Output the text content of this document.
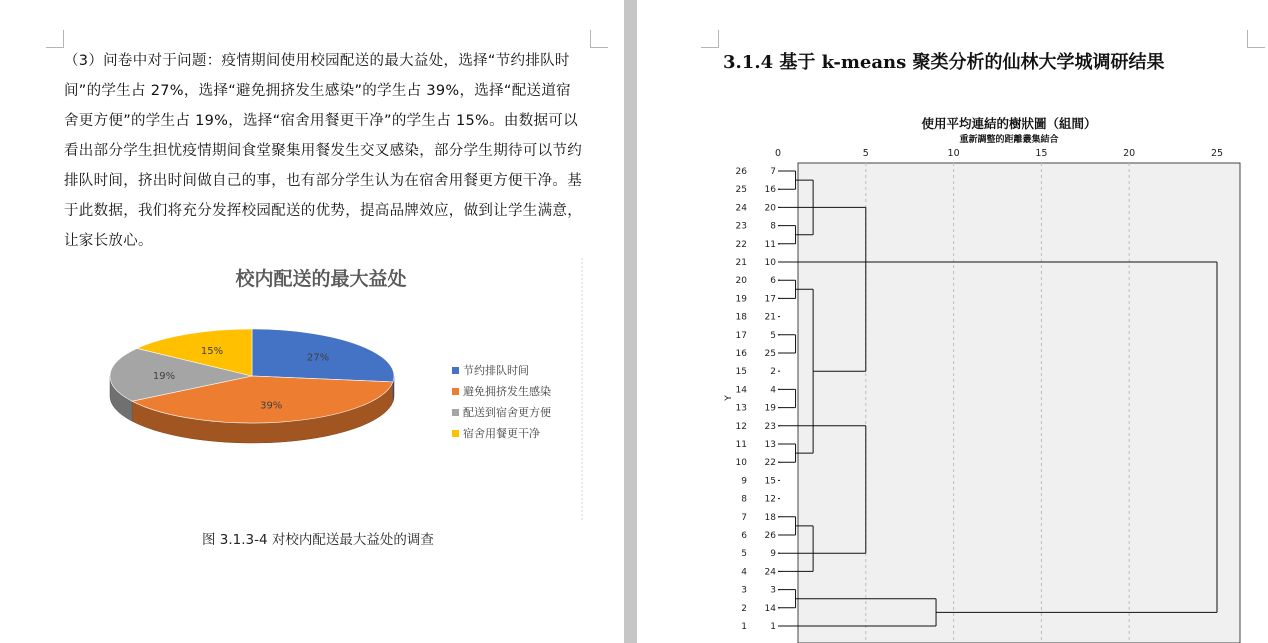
（3）问卷中对于问题：疫情期间使用校园配送的最大益处，选择“节约排队时
间”的学生占 27%，选择“避免拥挤发生感染”的学生占 39%，选择“配送道宿
舍更方便”的学生占 19%，选择“宿舍用餐更干净”的学生占 15%。由数据可以
看出部分学生担忧疫情期间食堂聚集用餐发生交叉感染，部分学生期待可以节约
排队时间，挤出时间做自己的事，也有部分学生认为在宿舍用餐更方便干净。基
于此数据，我们将充分发挥校园配送的优势，提高品牌效应，做到让学生满意，
让家长放心。
校内配送的最大益处
27%
39%
19%
15%
节约排队时间
避免拥挤发生感染
配送到宿舍更方便
宿舍用餐更干净
图 3.1.3-4 对校内配送最大益处的调查
3.1.4 基于 k-means 聚类分析的仙林大学城调研结果
使用平均連結的樹狀圖（組間）
重新調整的距離叢集結合
0	5	10	15	20	25
Y
26	7
25 16
24 20
23	8
22 11
21 10
20	6
19 17
18 21
17	5
16 25
15	2
14	4
13 19
12 23
11 13
10 22
9 15
8 12
7 18
6 26
5	9
4 24
3	3
2 14
1	1
